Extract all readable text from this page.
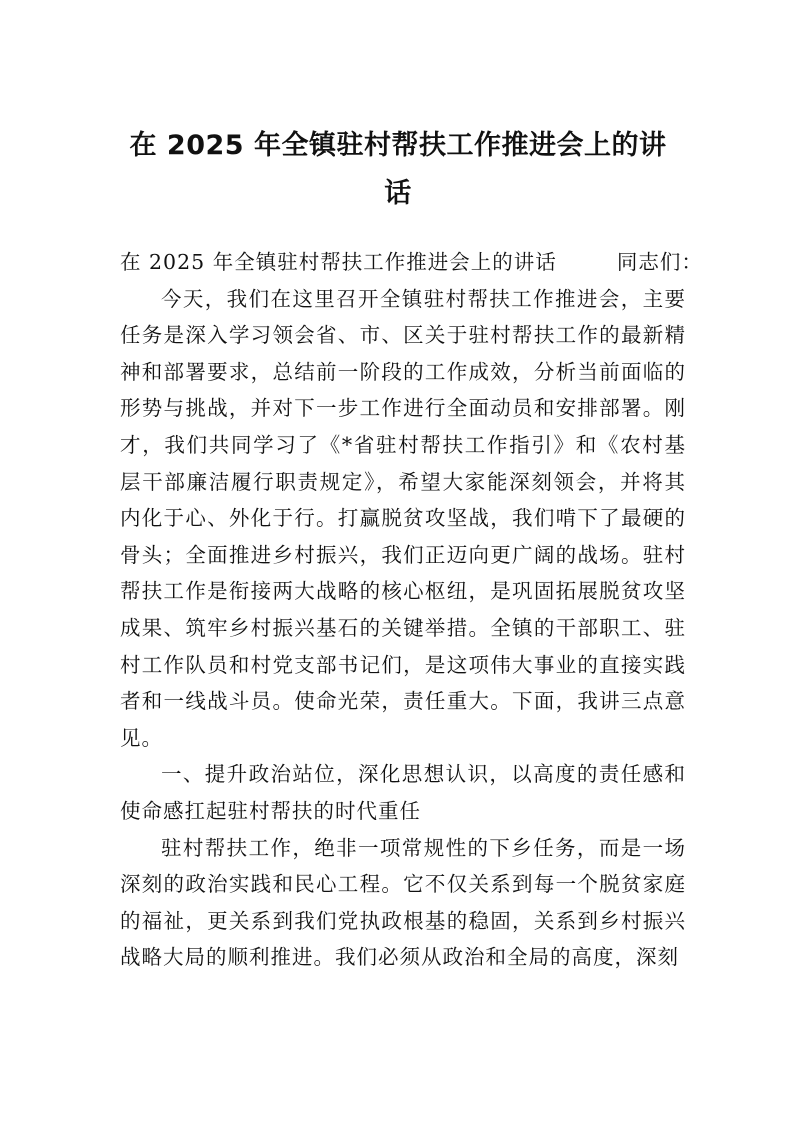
在 2025 年全镇驻村帮扶工作推进会上的讲话

在 2025 年全镇驻村帮扶工作推进会上的讲话        同志们：

今天，我们在这里召开全镇驻村帮扶工作推进会，主要任务是深入学习领会省、市、区关于驻村帮扶工作的最新精神和部署要求，总结前一阶段的工作成效，分析当前面临的形势与挑战，并对下一步工作进行全面动员和安排部署。刚才，我们共同学习了《*省驻村帮扶工作指引》和《农村基层干部廉洁履行职责规定》，希望大家能深刻领会，并将其内化于心、外化于行。打赢脱贫攻坚战，我们啃下了最硬的骨头；全面推进乡村振兴，我们正迈向更广阔的战场。驻村帮扶工作是衔接两大战略的核心枢纽，是巩固拓展脱贫攻坚成果、筑牢乡村振兴基石的关键举措。全镇的干部职工、驻村工作队员和村党支部书记们，是这项伟大事业的直接实践者和一线战斗员。使命光荣，责任重大。下面，我讲三点意见。

一、提升政治站位，深化思想认识，以高度的责任感和使命感扛起驻村帮扶的时代重任

驻村帮扶工作，绝非一项常规性的下乡任务，而是一场深刻的政治实践和民心工程。它不仅关系到每一个脱贫家庭的福祉，更关系到我们党执政根基的稳固，关系到乡村振兴战略大局的顺利推进。我们必须从政治和全局的高度，深刻
